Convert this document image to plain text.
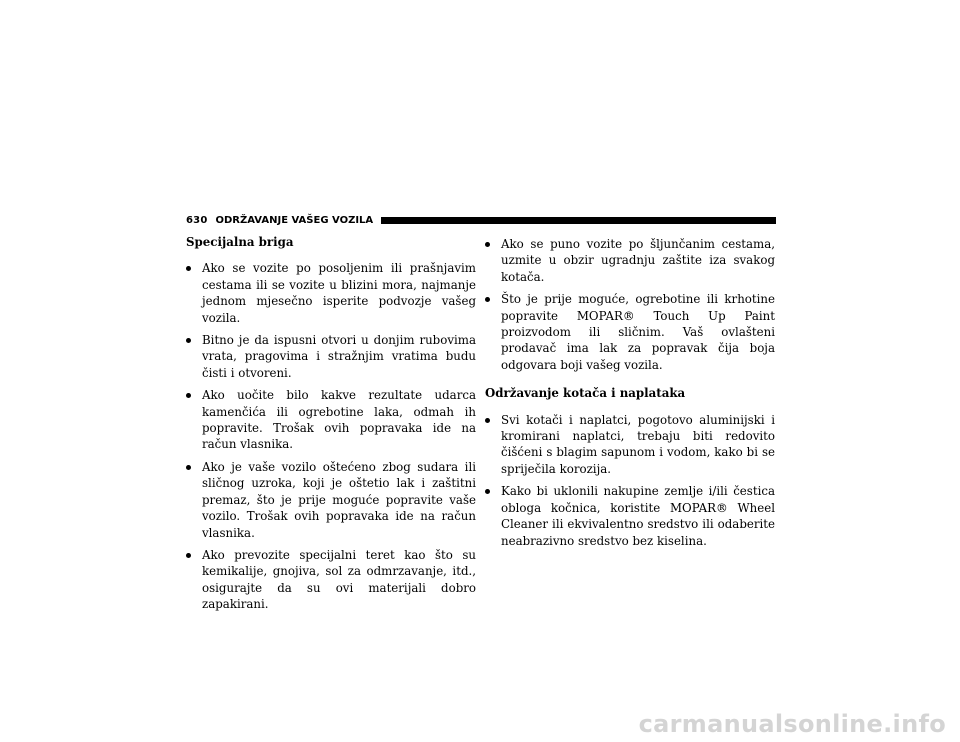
630 ODRŽAVANJE VAŠEG VOZILA
Specijalna briga
Ako se vozite po posoljenim ili prašnjavim cestama ili se vozite u blizini mora, najmanje jednom mjesečno isperite podvozje vašeg vozila.
Bitno je da ispusni otvori u donjim rubovima vrata, pragovima i stražnjim vratima budu čisti i otvoreni.
Ako uočite bilo kakve rezultate udarca kamenčića ili ogrebotine laka, odmah ih popravite. Trošak ovih popravaka ide na račun vlasnika.
Ako je vaše vozilo oštećeno zbog sudara ili sličnog uzroka, koji je oštetio lak i zaštitni premaz, što je prije moguće popravite vaše vozilo. Trošak ovih popravaka ide na račun vlasnika.
Ako prevozite specijalni teret kao što su kemikalije, gnojiva, sol za odmrzavanje, itd., osigurajte da su ovi materijali dobro zapakirani.
Ako se puno vozite po šljunčanim cestama, uzmite u obzir ugradnju zaštite iza svakog kotača.
Što je prije moguće, ogrebotine ili krhotine popravite MOPAR® Touch Up Paint proizvodom ili sličnim. Vaš ovlašteni prodavač ima lak za popravak čija boja odgovara boji vašeg vozila.
Održavanje kotača i naplataka
Svi kotači i naplatci, pogotovo aluminijski i kromirani naplatci, trebaju biti redovito čišćeni s blagim sapunom i vodom, kako bi se spriječila korozija.
Kako bi uklonili nakupine zemlje i/ili čestica obloga kočnica, koristite MOPAR® Wheel Cleaner ili ekvivalentno sredstvo ili odaberite neabrazivno sredstvo bez kiselina.
carmanualsonline.info
